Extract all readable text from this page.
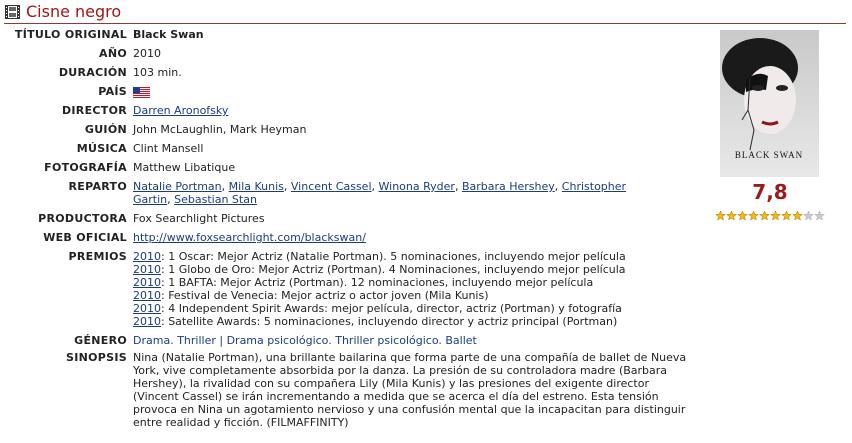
Cisne negro
TÍTULO ORIGINAL Black Swan
AÑO 2010
DURACIÓN 103 min.
PAÍS
DIRECTOR Darren Aronofsky
GUIÓN John McLaughlin, Mark Heyman
MÚSICA Clint Mansell
FOTOGRAFÍA Matthew Libatique
REPARTO Natalie Portman, Mila Kunis, Vincent Cassel, Winona Ryder, Barbara Hershey, Christopher Gartin, Sebastian Stan
PRODUCTORA Fox Searchlight Pictures
WEB OFICIAL http://www.foxsearchlight.com/blackswan/
PREMIOS 2010: 1 Oscar: Mejor Actriz (Natalie Portman). 5 nominaciones, incluyendo mejor película
2010: 1 Globo de Oro: Mejor Actriz (Portman). 4 Nominaciones, incluyendo mejor película
2010: 1 BAFTA: Mejor Actriz (Portman). 12 nominaciones, incluyendo mejor película
2010: Festival de Venecia: Mejor actriz o actor joven (Mila Kunis)
2010: 4 Independent Spirit Awards: mejor película, director, actriz (Portman) y fotografía
2010: Satellite Awards: 5 nominaciones, incluyendo director y actriz principal (Portman)
GÉNERO Drama. Thriller | Drama psicológico. Thriller psicológico. Ballet
SINOPSIS Nina (Natalie Portman), una brillante bailarina que forma parte de una compañía de ballet de Nueva York, vive completamente absorbida por la danza. La presión de su controladora madre (Barbara Hershey), la rivalidad con su compañera Lily (Mila Kunis) y las presiones del exigente director (Vincent Cassel) se irán incrementando a medida que se acerca el día del estreno. Esta tensión provoca en Nina un agotamiento nervioso y una confusión mental que la incapacitan para distinguir entre realidad y ficción. (FILMAFFINITY)
BLACK SWAN
7,8
